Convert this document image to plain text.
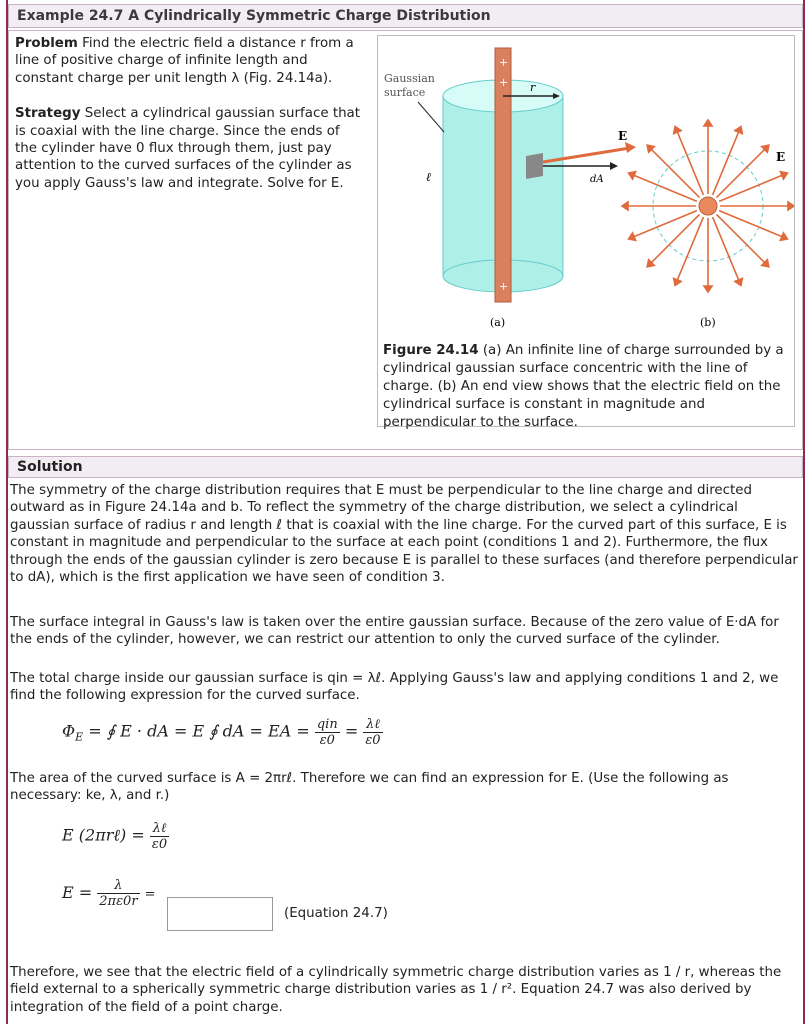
Example 24.7 A Cylindrically Symmetric Charge Distribution

Problem Find the electric field a distance r from a line of positive charge of infinite length and constant charge per unit length λ (Fig. 24.14a).

Strategy Select a cylindrical gaussian surface that is coaxial with the line charge. Since the ends of the cylinder have 0 flux through them, just pay attention to the curved surfaces of the cylinder as you apply Gauss's law and integrate. Solve for E.

+
+
+
r
E
dA
Gaussian
surface
ℓ
(a)
E
(b)
Figure 24.14 (a) An infinite line of charge surrounded by a cylindrical gaussian surface concentric with the line of charge. (b) An end view shows that the electric field on the cylindrical surface is constant in magnitude and perpendicular to the surface.
Solution
The symmetry of the charge distribution requires that E must be perpendicular to the line charge and directed outward as in Figure 24.14a and b. To reflect the symmetry of the charge distribution, we select a cylindrical gaussian surface of radius r and length ℓ that is coaxial with the line charge. For the curved part of this surface, E is constant in magnitude and perpendicular to the surface at each point (conditions 1 and 2). Furthermore, the flux through the ends of the gaussian cylinder is zero because E is parallel to these surfaces (and therefore perpendicular to dA), which is the first application we have seen of condition 3.
The surface integral in Gauss's law is taken over the entire gaussian surface. Because of the zero value of E·dA for the ends of the cylinder, however, we can restrict our attention to only the curved surface of the cylinder.
The total charge inside our gaussian surface is qin = λℓ. Applying Gauss's law and applying conditions 1 and 2, we find the following expression for the curved surface.
$\Phi_E$ = ∮ E · dA = E ∮ dA = EA = $\frac{\text{qin}}{\varepsilon 0} = \frac{\text{λℓ}}{\varepsilon 0}$
The area of the curved surface is A = 2πrℓ. Therefore we can find an expression for E. (Use the following as necessary: ke, λ, and r.)
E (2πrℓ) = $\frac{\text{λℓ}}{\varepsilon 0}$
$E = \frac{\lambda}{2\pi\varepsilon 0r}$ =
(Equation 24.7)
Therefore, we see that the electric field of a cylindrically symmetric charge distribution varies as 1 / r, whereas the field external to a spherically symmetric charge distribution varies as 1 / r². Equation 24.7 was also derived by integration of the field of a point charge.
